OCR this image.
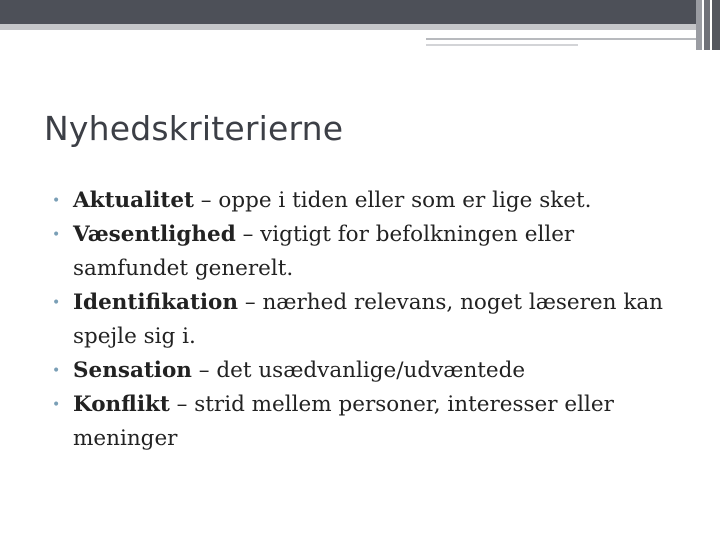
Nyhedskriterierne
• Aktualitet – oppe i tiden eller som er lige sket.
• Væsentlighed – vigtigt for befolkningen eller samfundet generelt.
• Identifikation – nærhed relevans, noget læseren kan spejle sig i.
• Sensation – det usædvanlige/udvæntede
• Konflikt – strid mellem personer, interesser eller meninger
